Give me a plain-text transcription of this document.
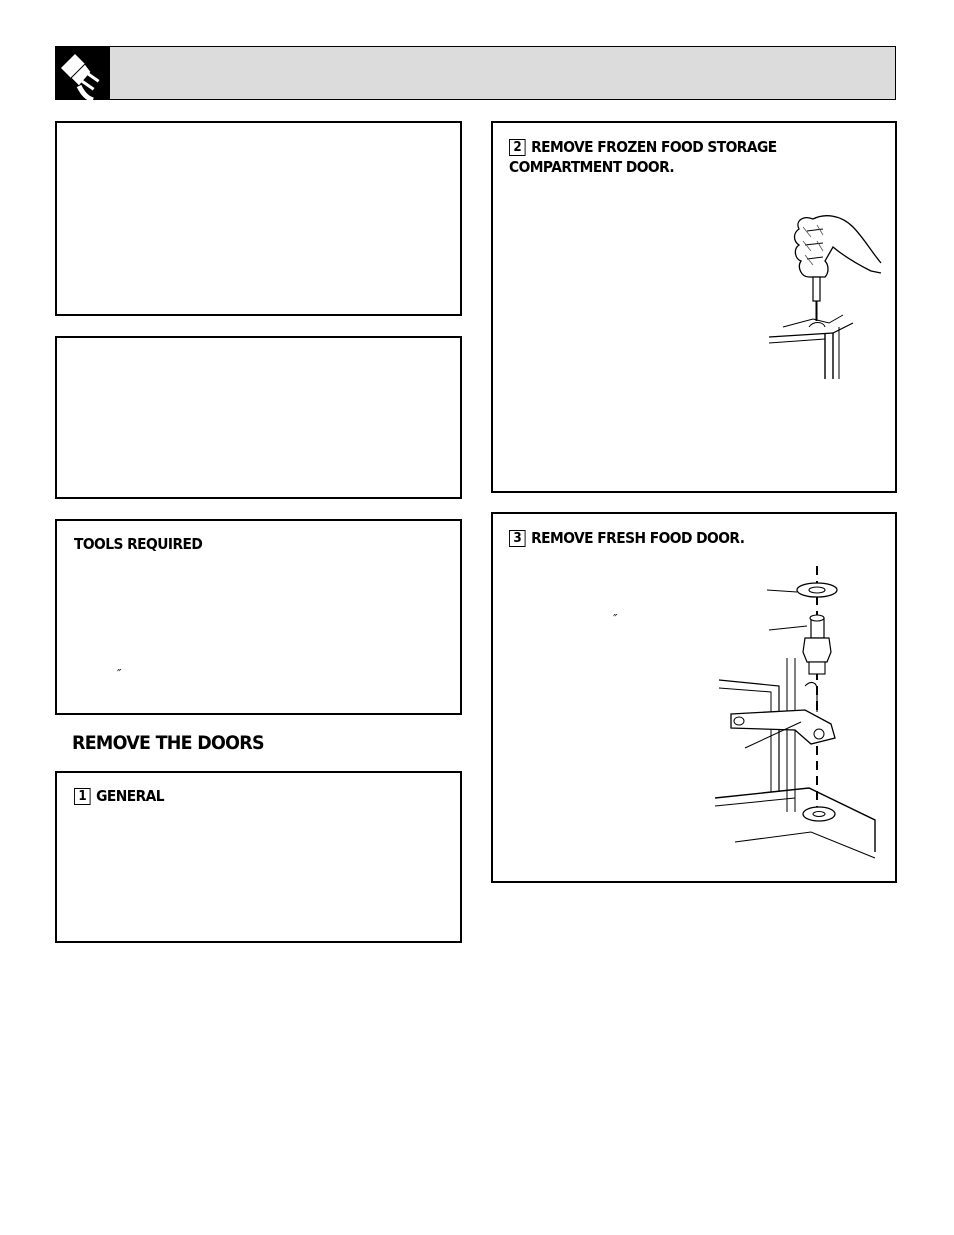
TOOLS REQUIRED
″
REMOVE THE DOORS
1 GENERAL
2 REMOVE FROZEN FOOD STORAGE
COMPARTMENT DOOR.
3 REMOVE FRESH FOOD DOOR.
″
